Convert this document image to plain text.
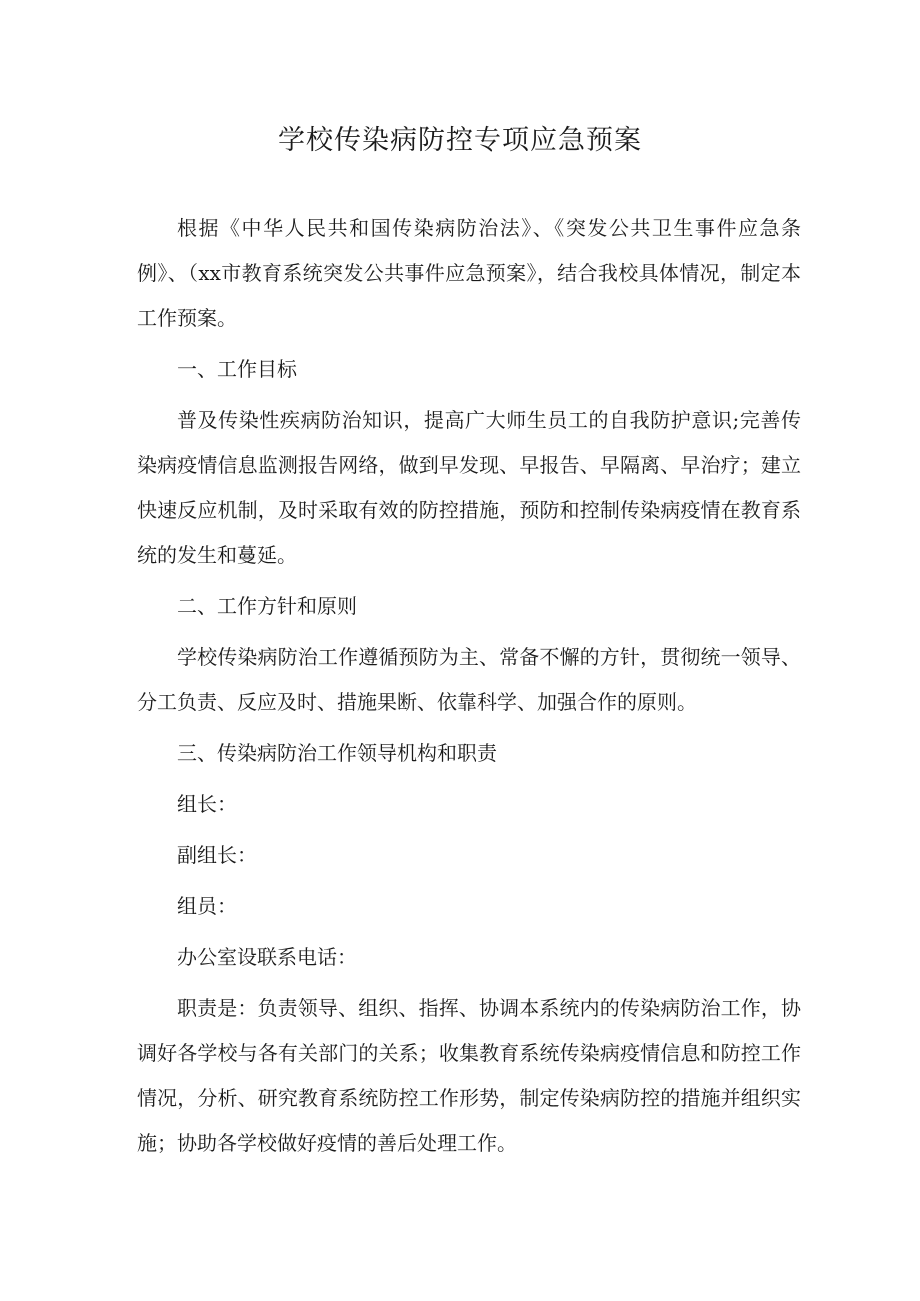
学校传染病防控专项应急预案

根据《中华人民共和国传染病防治法》、《突发公共卫生事件应急条例》、（xx市教育系统突发公共事件应急预案》，结合我校具体情况，制定本工作预案。

一、工作目标

普及传染性疾病防治知识，提高广大师生员工的自我防护意识;完善传染病疫情信息监测报告网络，做到早发现、早报告、早隔离、早治疗；建立快速反应机制，及时采取有效的防控措施，预防和控制传染病疫情在教育系统的发生和蔓延。

二、工作方针和原则

学校传染病防治工作遵循预防为主、常备不懈的方针，贯彻统一领导、分工负责、反应及时、措施果断、依靠科学、加强合作的原则。

三、传染病防治工作领导机构和职责

组长：

副组长：

组员：

办公室设联系电话：

职责是：负责领导、组织、指挥、协调本系统内的传染病防治工作，协调好各学校与各有关部门的关系；收集教育系统传染病疫情信息和防控工作情况，分析、研究教育系统防控工作形势，制定传染病防控的措施并组织实施；协助各学校做好疫情的善后处理工作。
